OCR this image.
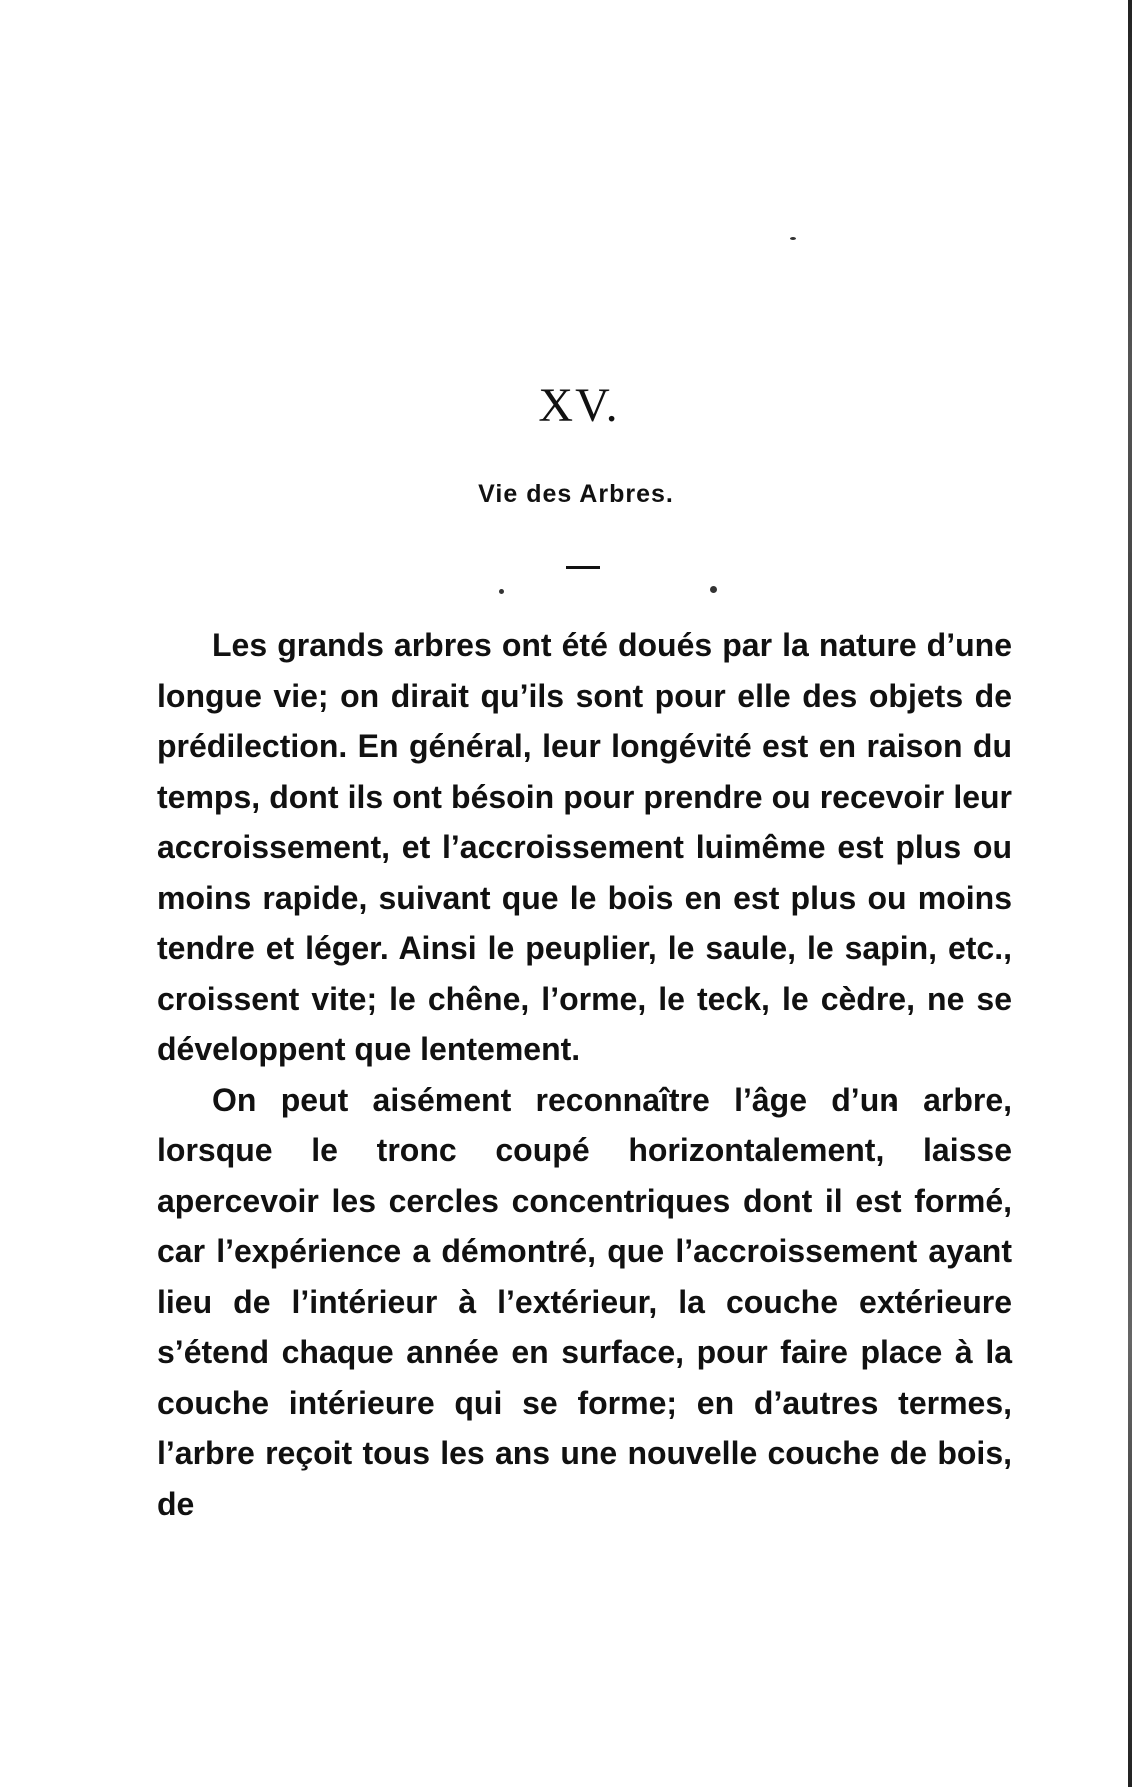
XV.
Vie des Arbres.

Les grands arbres ont été doués par la nature d’une longue vie; on dirait qu’ils sont pour elle des objets de prédilection. En général, leur longévité est en raison du temps, dont ils ont bésoin pour prendre ou recevoir leur accroissement, et l’accroissement luimême est plus ou moins rapide, suivant que le bois en est plus ou moins tendre et léger. Ainsi le peuplier, le saule, le sapin, etc., croissent vite; le chêne, l’orme, le teck, le cèdre, ne se développent que lentement.

On peut aisément reconnaître l’âge d’un arbre, lorsque le tronc coupé horizontalement, laisse apercevoir les cercles concentriques dont il est formé, car l’expérience a démontré, que l’accroissement ayant lieu de l’intérieur à l’extérieur, la couche extérieure s’étend chaque année en surface, pour faire place à la couche intérieure qui se forme; en d’autres termes, l’arbre reçoit tous les ans une nouvelle couche de bois, de
